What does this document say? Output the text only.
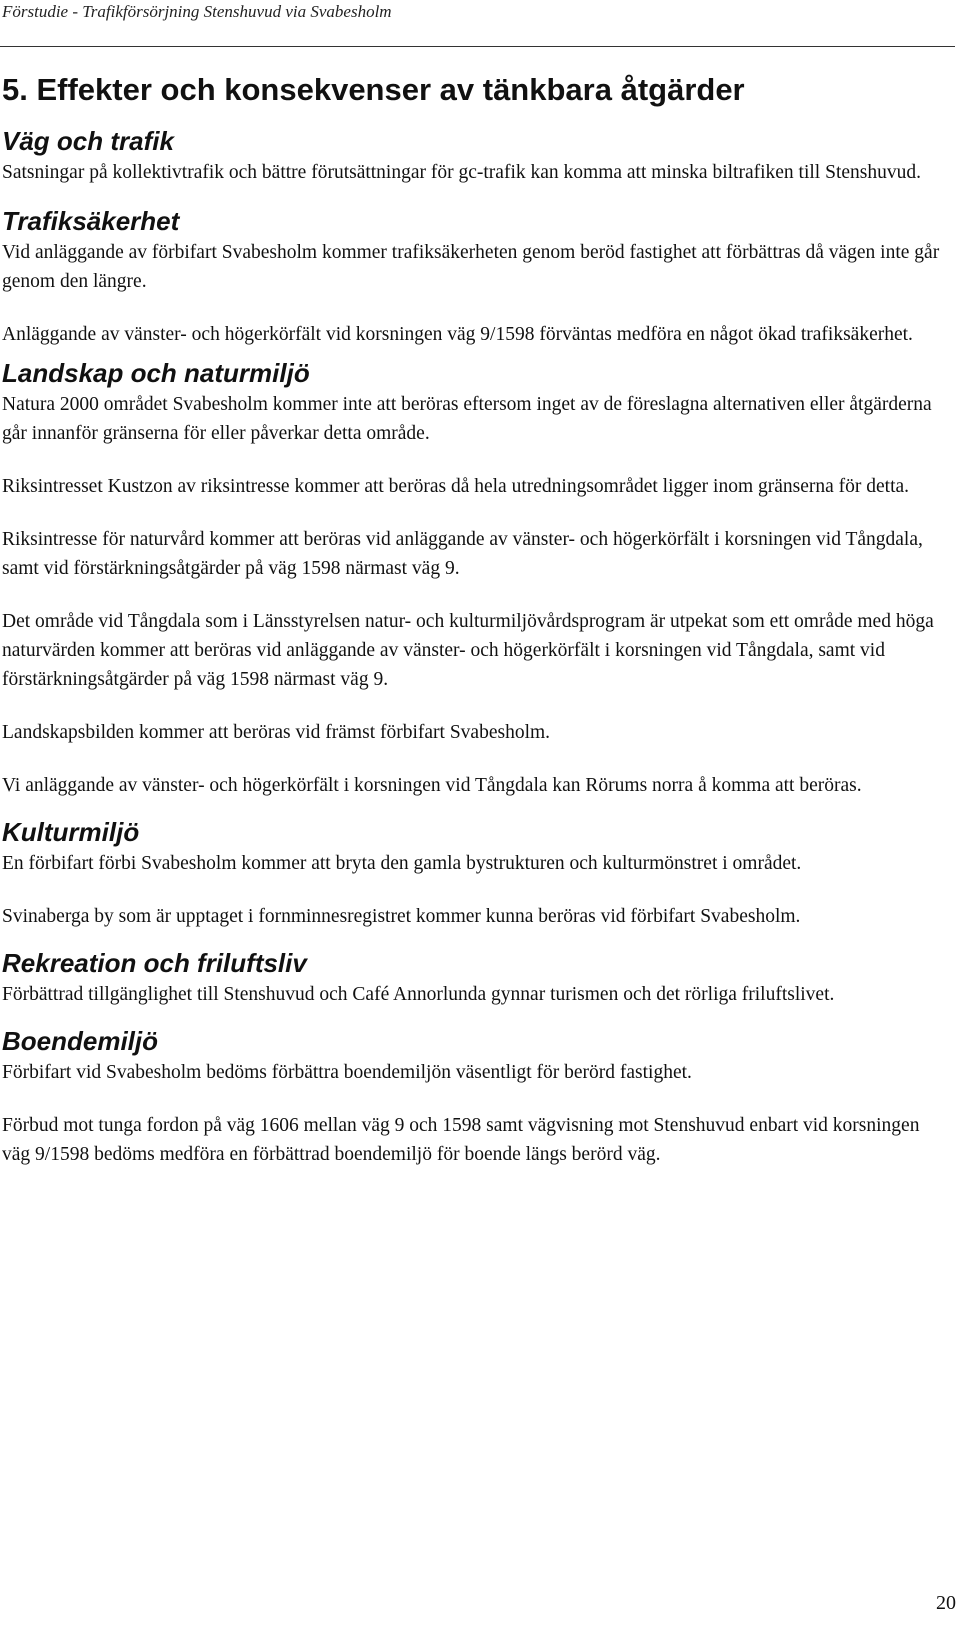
Förstudie - Trafikförsörjning Stenshuvud via Svabesholm
5. Effekter och konsekvenser av tänkbara åtgärder
Väg och trafik

Satsningar på kollektivtrafik och bättre förutsättningar för gc-trafik kan komma att minska biltrafiken till Stenshuvud.

Trafiksäkerhet

Vid anläggande av förbifart Svabesholm kommer trafiksäkerheten genom beröd fastighet att förbättras då vägen inte går genom den längre.

Anläggande av vänster- och högerkörfält vid korsningen väg 9/1598 förväntas medföra en något ökad trafiksäkerhet.

Landskap och naturmiljö

Natura 2000 området Svabesholm kommer inte att beröras eftersom inget av de föreslagna alternativen eller åtgärderna går innanför gränserna för eller påverkar detta område.

Riksintresset Kustzon av riksintresse kommer att beröras då hela utredningsområdet ligger inom gränserna för detta.

Riksintresse för naturvård kommer att beröras vid anläggande av vänster- och högerkörfält i korsningen vid Tångdala, samt vid förstärkningsåtgärder på väg 1598 närmast väg 9.

Det område vid Tångdala som i Länsstyrelsen natur- och kulturmiljövårdsprogram är utpekat som ett område med höga naturvärden kommer att beröras vid anläggande av vänster- och högerkörfält i korsningen vid Tångdala, samt vid förstärkningsåtgärder på väg 1598 närmast väg 9.

Landskapsbilden kommer att beröras vid främst förbifart Svabesholm.

Vi anläggande av vänster- och högerkörfält i korsningen vid Tångdala kan Rörums norra å komma att beröras.

Kulturmiljö

En förbifart förbi Svabesholm kommer att bryta den gamla bystrukturen och kulturmönstret i området.

Svinaberga by som är upptaget i fornminnesregistret kommer kunna beröras vid förbifart Svabesholm.

Rekreation och friluftsliv

Förbättrad tillgänglighet till Stenshuvud och Café Annorlunda gynnar turismen och det rörliga friluftslivet.

Boendemiljö

Förbifart vid Svabesholm bedöms förbättra boendemiljön väsentligt för berörd fastighet.

Förbud mot tunga fordon på väg 1606 mellan väg 9 och 1598 samt vägvisning mot Stenshuvud enbart vid korsningen väg 9/1598 bedöms medföra en förbättrad boendemiljö för boende längs berörd väg.

20
